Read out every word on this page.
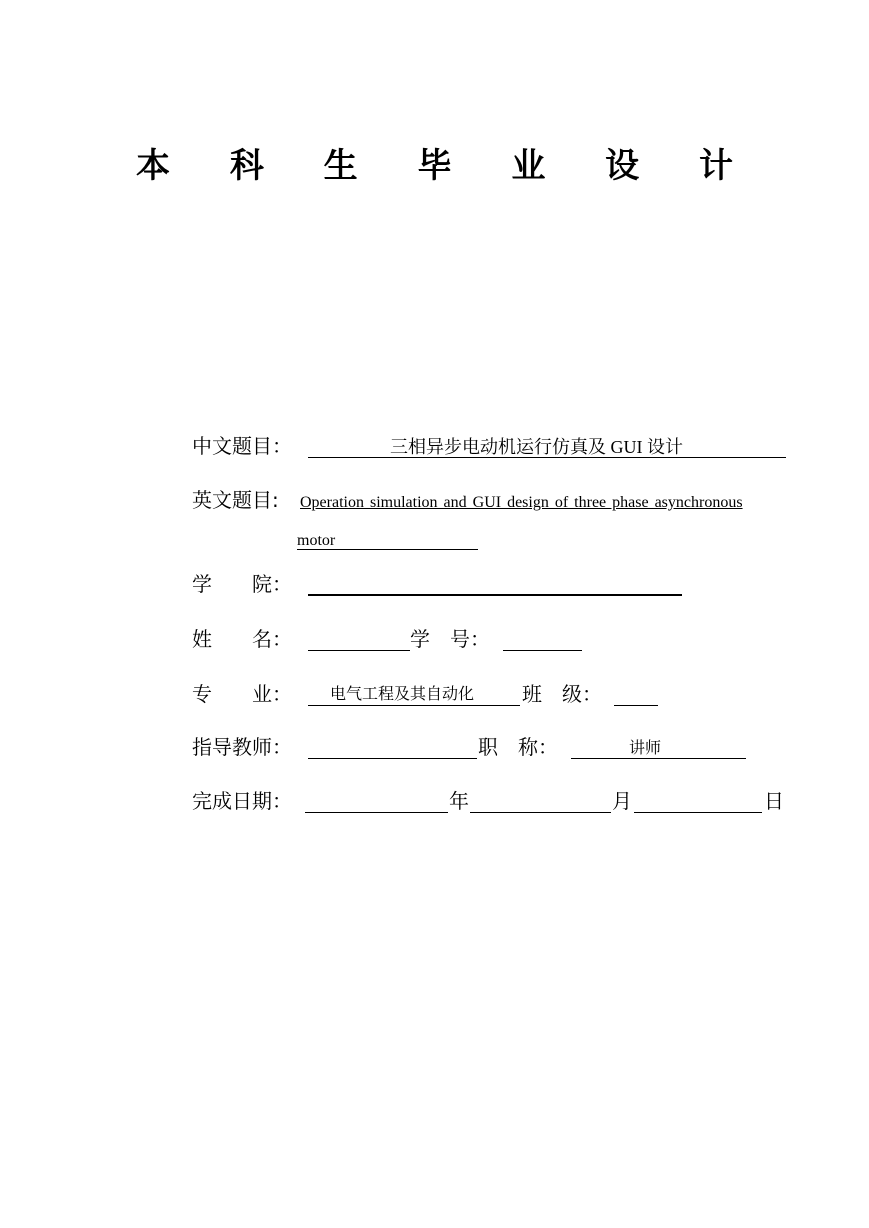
本 科 生 毕 业 设 计
中文题目：	三相异步电动机运行仿真及 GUI 设计
英文题目: Operation simulation and GUI design of three phase asynchronous
motor
学　　院：
姓　　名：	学　号：
专　　业： 电气工程及其自动化 班　级：
指导教师：	职　称：	讲师
完成日期：	年	月	日
